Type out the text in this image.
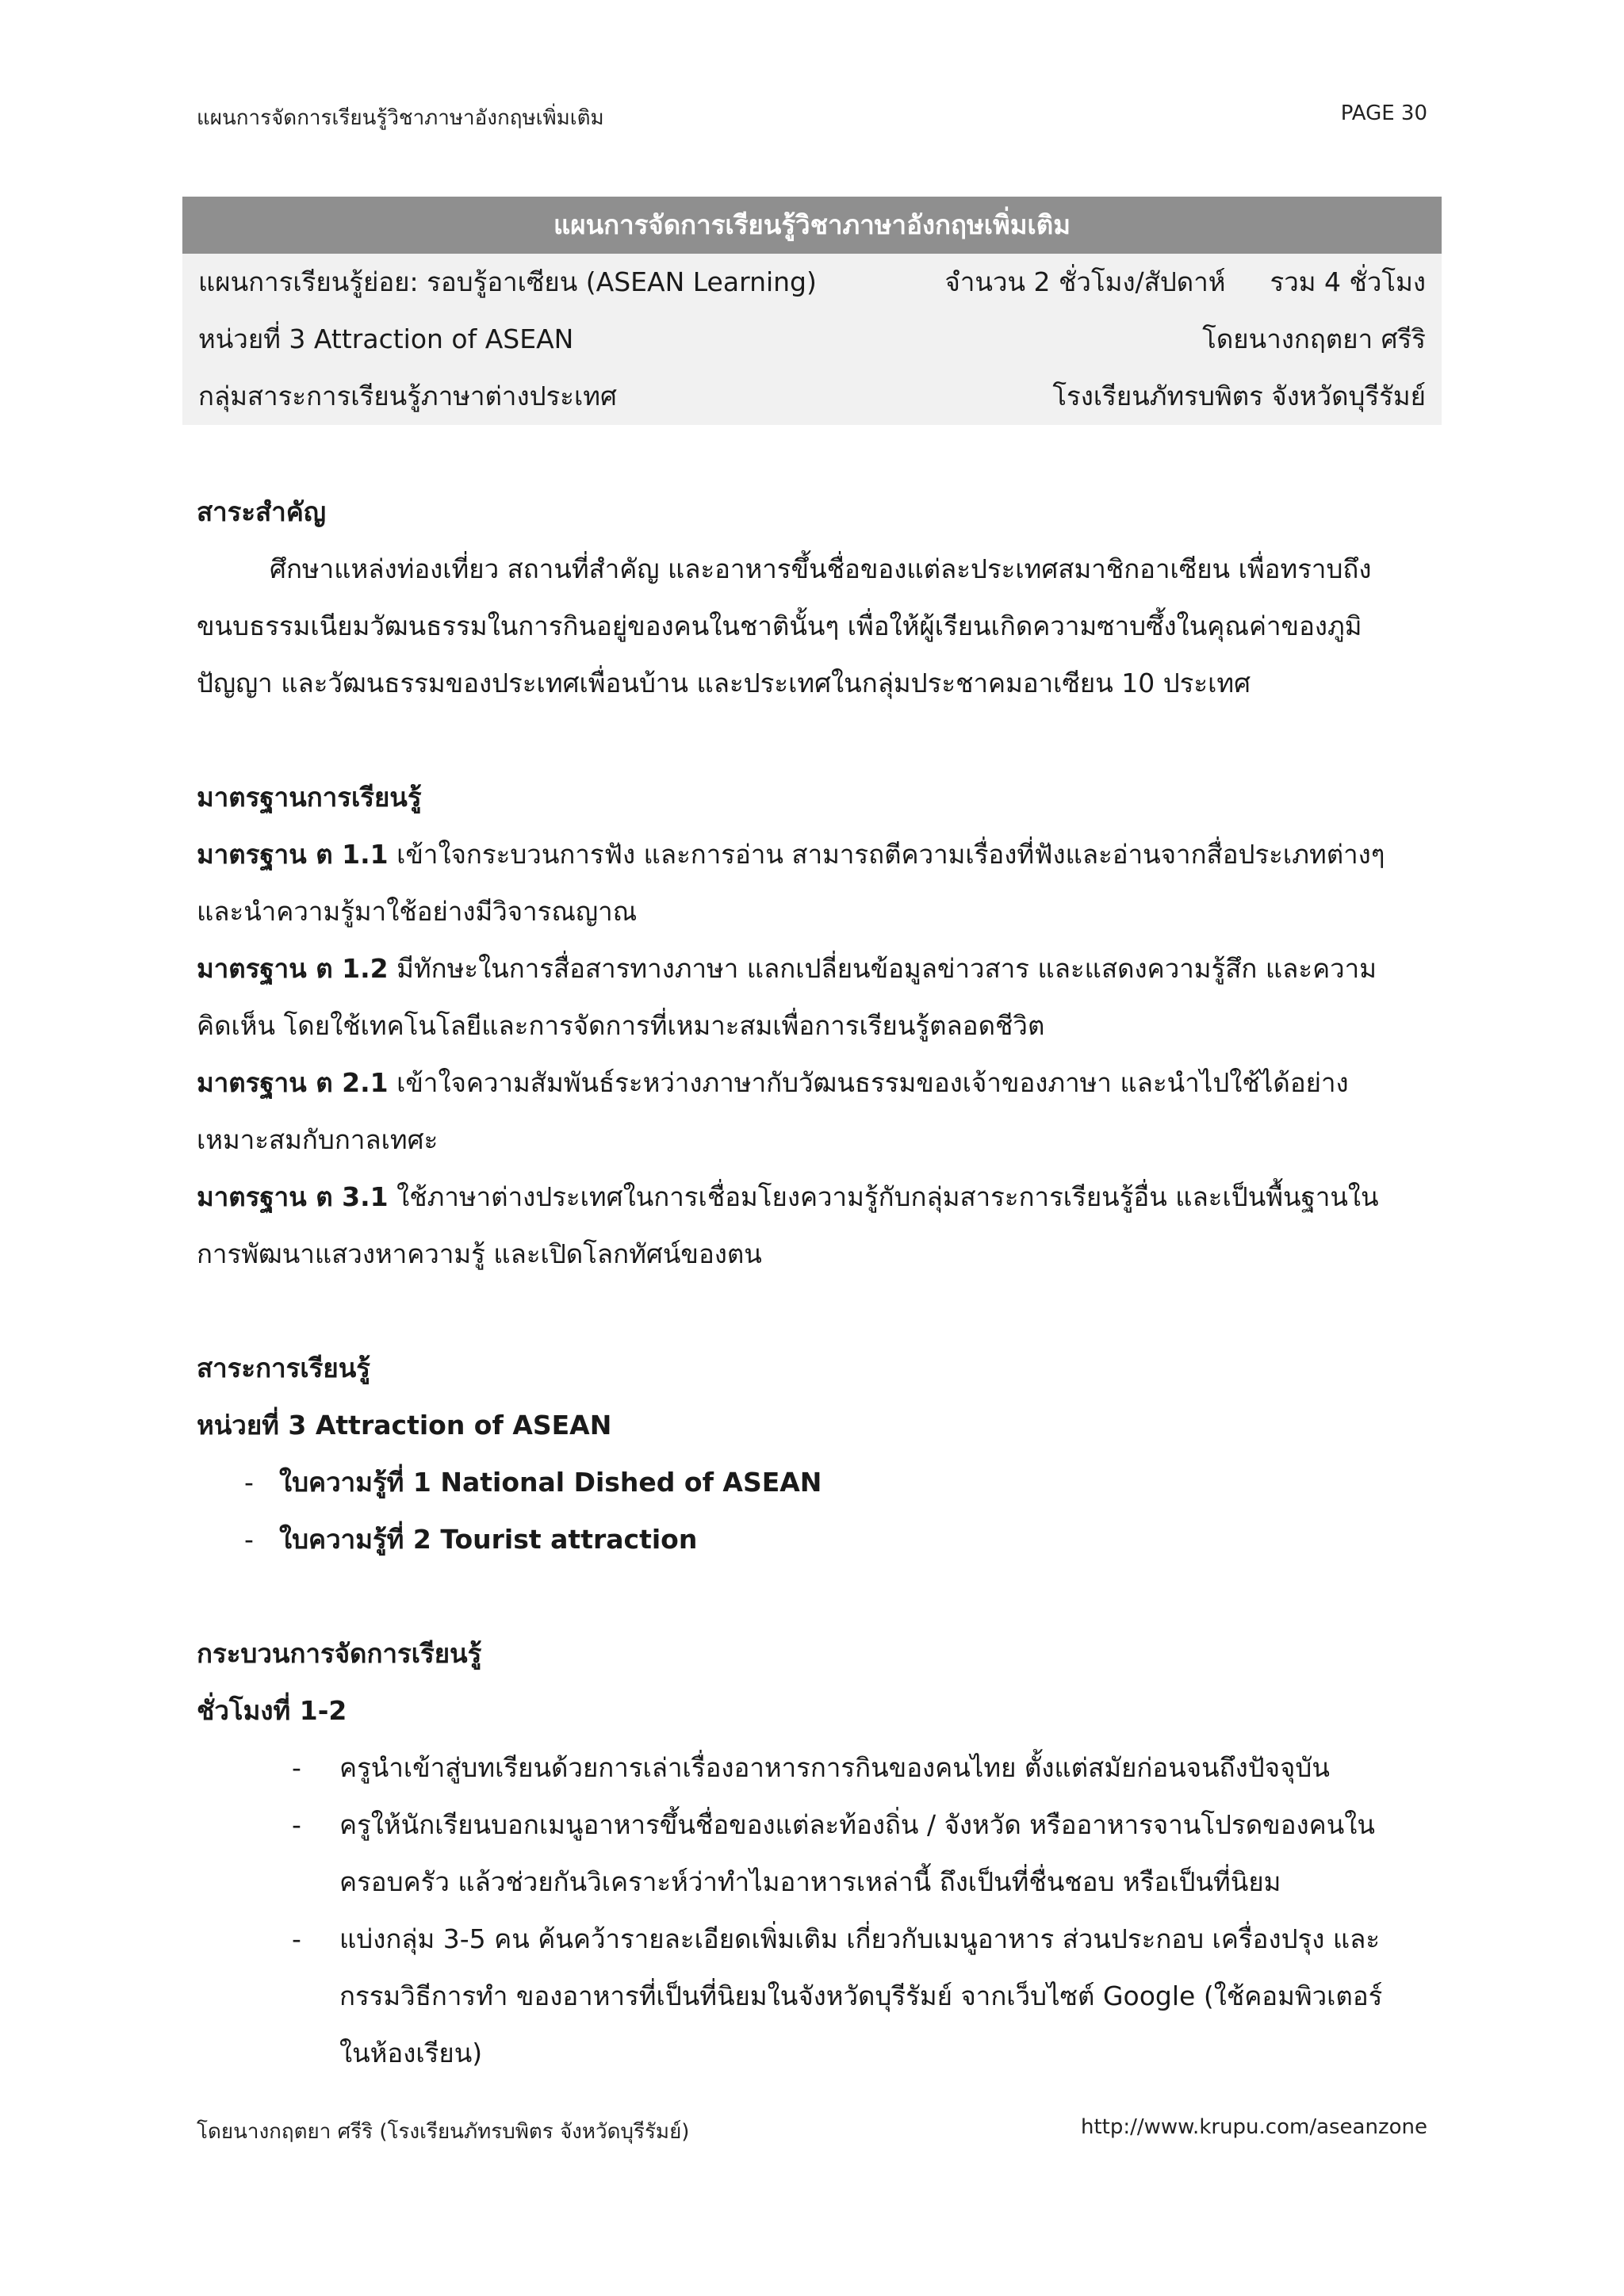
แผนการจัดการเรียนรู้วิชาภาษาอังกฤษเพิ่มเติม	PAGE 30
แผนการจัดการเรียนรู้วิชาภาษาอังกฤษเพิ่มเติม
แผนการเรียนรู้ย่อย: รอบรู้อาเซียน (ASEAN Learning)	จำนวน 2 ชั่วโมง/สัปดาห์ รวม 4 ชั่วโมง
หน่วยที่ 3 Attraction of ASEAN	โดยนางกฤตยา ศรีริ
กลุ่มสาระการเรียนรู้ภาษาต่างประเทศ	โรงเรียนภัทรบพิตร จังหวัดบุรีรัมย์
สาระสำคัญ
ศึกษาแหล่งท่องเที่ยว สถานที่สำคัญ และอาหารขึ้นชื่อของแต่ละประเทศสมาชิกอาเซียน เพื่อทราบถึง
ขนบธรรมเนียมวัฒนธรรมในการกินอยู่ของคนในชาตินั้นๆ เพื่อให้ผู้เรียนเกิดความซาบซึ้งในคุณค่าของภูมิ
ปัญญา และวัฒนธรรมของประเทศเพื่อนบ้าน และประเทศในกลุ่มประชาคมอาเซียน 10 ประเทศ
มาตรฐานการเรียนรู้
มาตรฐาน ต 1.1 เข้าใจกระบวนการฟัง และการอ่าน สามารถตีความเรื่องที่ฟังและอ่านจากสื่อประเภทต่างๆ
และนำความรู้มาใช้อย่างมีวิจารณญาณ
มาตรฐาน ต 1.2 มีทักษะในการสื่อสารทางภาษา แลกเปลี่ยนข้อมูลข่าวสาร และแสดงความรู้สึก และความ
คิดเห็น โดยใช้เทคโนโลยีและการจัดการที่เหมาะสมเพื่อการเรียนรู้ตลอดชีวิต
มาตรฐาน ต 2.1 เข้าใจความสัมพันธ์ระหว่างภาษากับวัฒนธรรมของเจ้าของภาษา และนำไปใช้ได้อย่าง
เหมาะสมกับกาลเทศะ
มาตรฐาน ต 3.1 ใช้ภาษาต่างประเทศในการเชื่อมโยงความรู้กับกลุ่มสาระการเรียนรู้อื่น และเป็นพื้นฐานใน
การพัฒนาแสวงหาความรู้ และเปิดโลกทัศน์ของตน
สาระการเรียนรู้
หน่วยที่ 3 Attraction of ASEAN
- ใบความรู้ที่ 1 National Dished of ASEAN
- ใบความรู้ที่ 2 Tourist attraction
กระบวนการจัดการเรียนรู้
ชั่วโมงที่ 1-2
-	ครูนำเข้าสู่บทเรียนด้วยการเล่าเรื่องอาหารการกินของคนไทย ตั้งแต่สมัยก่อนจนถึงปัจจุบัน
-	ครูให้นักเรียนบอกเมนูอาหารขึ้นชื่อของแต่ละท้องถิ่น / จังหวัด หรืออาหารจานโปรดของคนใน
ครอบครัว แล้วช่วยกันวิเคราะห์ว่าทำไมอาหารเหล่านี้ ถึงเป็นที่ชื่นชอบ หรือเป็นที่นิยม
-	แบ่งกลุ่ม 3-5 คน ค้นคว้ารายละเอียดเพิ่มเติม เกี่ยวกับเมนูอาหาร ส่วนประกอบ เครื่องปรุง และ
กรรมวิธีการทำ ของอาหารที่เป็นที่นิยมในจังหวัดบุรีรัมย์ จากเว็บไซต์ Google (ใช้คอมพิวเตอร์
ในห้องเรียน)
โดยนางกฤตยา ศรีริ (โรงเรียนภัทรบพิตร จังหวัดบุรีรัมย์)	http://www.krupu.com/aseanzone
